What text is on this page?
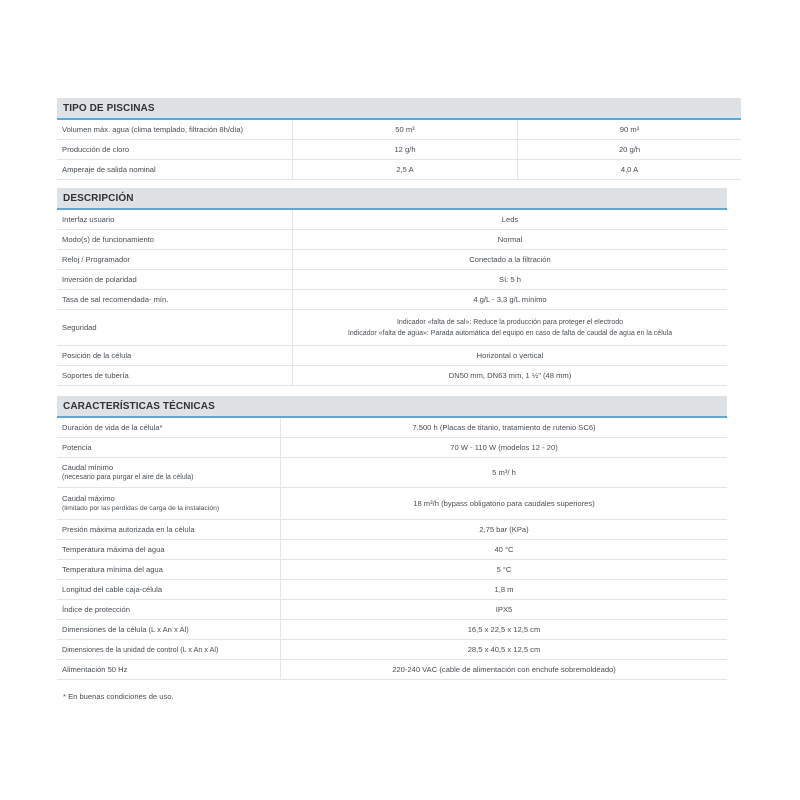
TIPO DE PISCINAS
Volumen máx. agua (clima templado, filtración 8h/día)	50 m³	90 m³
Producción de cloro	12 g/h	20 g/h
Amperaje de salida nominal	2,5 A	4,0 A
DESCRIPCIÓN
Interfaz usuario	Leds
Modo(s) de funcionamiento	Normal
Reloj / Programador	Conectado a la filtración
Inversión de polaridad	Sí: 5 h
Tasa de sal recomendada- mín.	4 g/L - 3,3 g/L mínimo
Seguridad
Indicador «falta de sal»: Reduce la producción para proteger el electrodo
Indicador «falta de agua»: Parada automática del equipo en caso de falta de caudal de agua en la célula
Posición de la célula	Horizontal o vertical
Soportes de tubería	DN50 mm, DN63 mm, 1 ½" (48 mm)
CARACTERÍSTICAS TÉCNICAS
Duración de vida de la célula*	7.500 h (Placas de titanio, tratamiento de rutenio SC6)
Potencia	70 W - 110 W (modelos 12 - 20)
Caudal mínimo
(necesario para purgar el aire de la célula)	5 m³/ h
Caudal máximo
(limitado por las pérdidas de carga de la instalación)	18 m³/h (bypass obligatorio para caudales superiores)
Presión máxima autorizada en la célula	2,75 bar (KPa)
Temperatura máxima del agua	40 °C
Temperatura mínima del agua	5 °C
Longitud del cable caja-célula	1,8 m
Índice de protección	IPX5
Dimensiones de la célula (L x An x Al)	16,5 x 22,5 x 12,5 cm
Dimensiones de la unidad de control (L x An x Al)	28,5 x 40,5 x 12,5 cm
Alimentación 50 Hz	220-240 VAC (cable de alimentación con enchufe sobremoldeado)
* En buenas condiciones de uso.
